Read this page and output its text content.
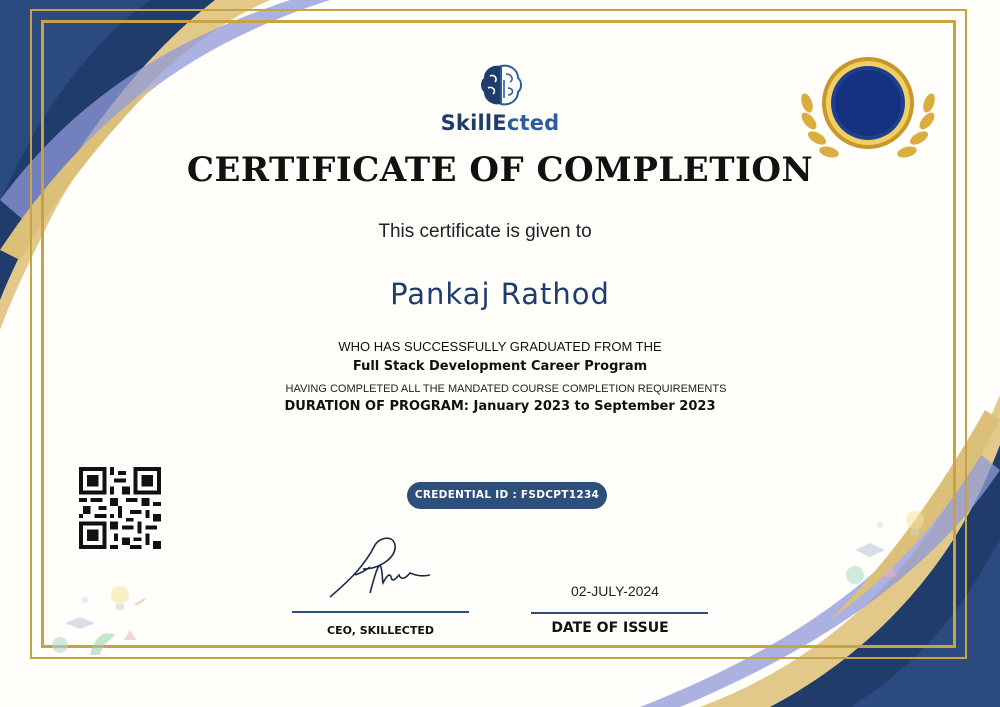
SkillEcted
CERTIFICATE OF COMPLETION
This certificate is given to
Pankaj Rathod
WHO HAS SUCCESSFULLY GRADUATED FROM THE
Full Stack Development Career Program
HAVING COMPLETED ALL THE MANDATED COURSE COMPLETION REQUIREMENTS
DURATION OF PROGRAM: January 2023 to September 2023
CREDENTIAL ID : FSDCPT1234
CEO, SKILLECTED
02-JULY-2024
DATE OF ISSUE
